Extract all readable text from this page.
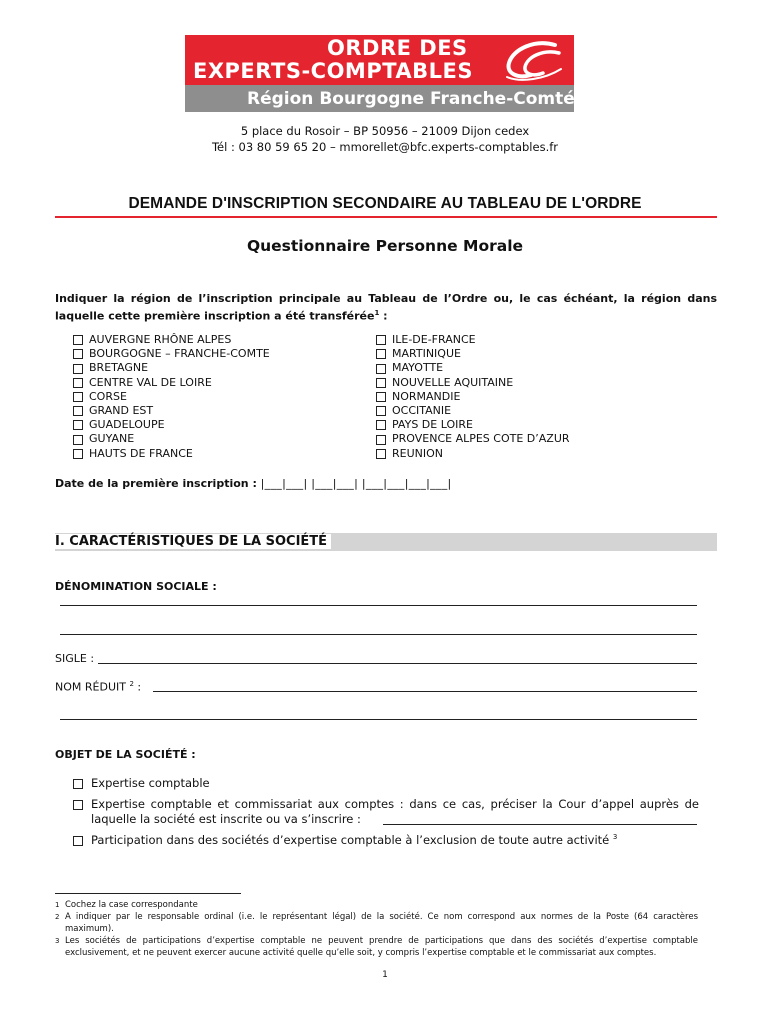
ORDRE DES
EXPERTS-COMPTABLES
Région Bourgogne Franche-Comté
5 place du Rosoir – BP 50956 – 21009 Dijon cedex
Tél : 03 80 59 65 20 – mmorellet@bfc.experts-comptables.fr
DEMANDE D'INSCRIPTION SECONDAIRE AU TABLEAU DE L'ORDRE
Questionnaire Personne Morale
Indiquer la région de l’inscription principale au Tableau de l’Ordre ou, le cas échéant, la région dans laquelle cette première inscription a été transférée$^1$ :
AUVERGNE RHÔNE ALPES
BOURGOGNE – FRANCHE-COMTE
BRETAGNE
CENTRE VAL DE LOIRE
CORSE
GRAND EST
GUADELOUPE
GUYANE
HAUTS DE FRANCE
ILE-DE-FRANCE
MARTINIQUE
MAYOTTE
NOUVELLE AQUITAINE
NORMANDIE
OCCITANIE
PAYS DE LOIRE
PROVENCE ALPES COTE D’AZUR
REUNION
Date de la première inscription : |___|___| |___|___| |___|___|___|___|
I. CARACTÉRISTIQUES DE LA SOCIÉTÉ
DÉNOMINATION SOCIALE :
SIGLE :
NOM RÉDUIT $^2$ :
OBJET DE LA SOCIÉTÉ :
Expertise comptable
Expertise comptable et commissariat aux comptes : dans ce cas, préciser la Cour d’appel auprès de laquelle la société est inscrite ou va s’inscrire :
Participation dans des sociétés d’expertise comptable à l’exclusion de toute autre activité $^3$
1 Cochez la case correspondante
2 A indiquer par le responsable ordinal (i.e. le représentant légal) de la société. Ce nom correspond aux normes de la Poste (64 caractères maximum).
3 Les sociétés de participations d’expertise comptable ne peuvent prendre de participations que dans des sociétés d’expertise comptable exclusivement, et ne peuvent exercer aucune activité quelle qu’elle soit, y compris l’expertise comptable et le commissariat aux comptes.
1
